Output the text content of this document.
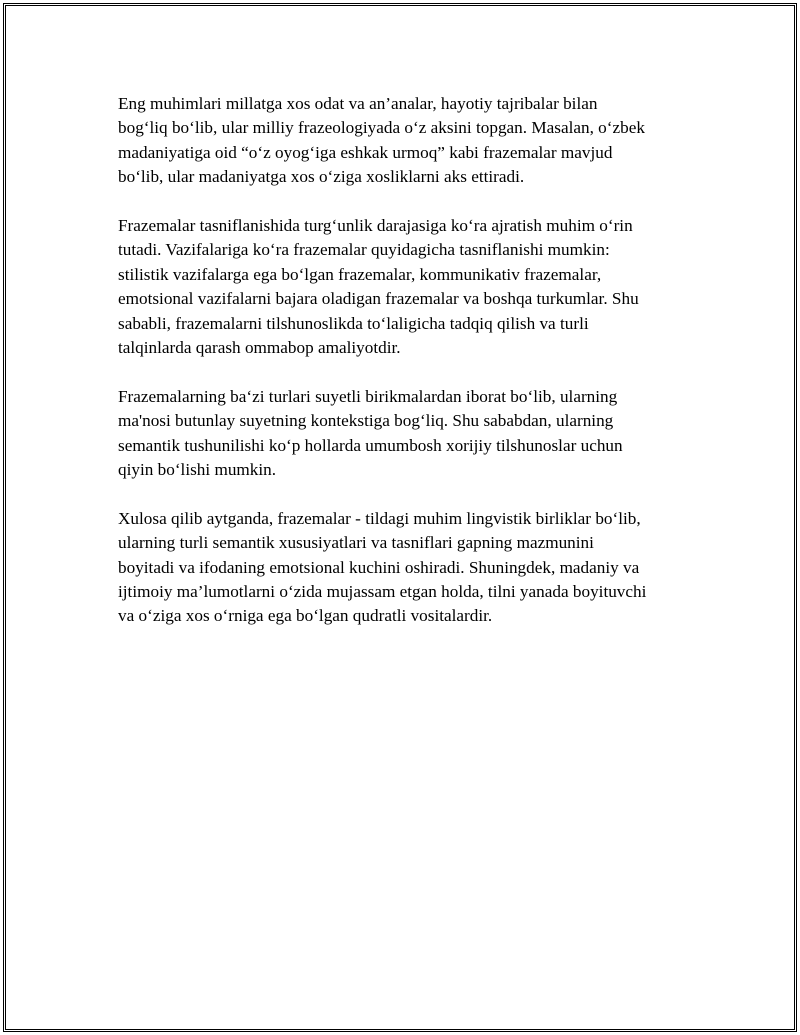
Eng muhimlari millatga xos odat va an’analar, hayotiy tajribalar bilan
bog‘liq bo‘lib, ular milliy frazeologiyada o‘z aksini topgan. Masalan, o‘zbek
madaniyatiga oid “o‘z oyog‘iga eshkak urmoq” kabi frazemalar mavjud
bo‘lib, ular madaniyatga xos o‘ziga xosliklarni aks ettiradi.

Frazemalar tasniflanishida turg‘unlik darajasiga ko‘ra ajratish muhim o‘rin
tutadi. Vazifalariga ko‘ra frazemalar quyidagicha tasniflanishi mumkin:
stilistik vazifalarga ega bo‘lgan frazemalar, kommunikativ frazemalar,
emotsional vazifalarni bajara oladigan frazemalar va boshqa turkumlar. Shu
sababli, frazemalarni tilshunoslikda to‘laligicha tadqiq qilish va turli
talqinlarda qarash ommabop amaliyotdir.

Frazemalarning ba‘zi turlari suyetli birikmalardan iborat bo‘lib, ularning
ma'nosi butunlay suyetning kontekstiga bog‘liq. Shu sababdan, ularning
semantik tushunilishi ko‘p hollarda umumbosh xorijiy tilshunoslar uchun
qiyin bo‘lishi mumkin.

Xulosa qilib aytganda, frazemalar - tildagi muhim lingvistik birliklar bo‘lib,
ularning turli semantik xususiyatlari va tasniflari gapning mazmunini
boyitadi va ifodaning emotsional kuchini oshiradi. Shuningdek, madaniy va
ijtimoiy ma’lumotlarni o‘zida mujassam etgan holda, tilni yanada boyituvchi
va o‘ziga xos o‘rniga ega bo‘lgan qudratli vositalardir.
